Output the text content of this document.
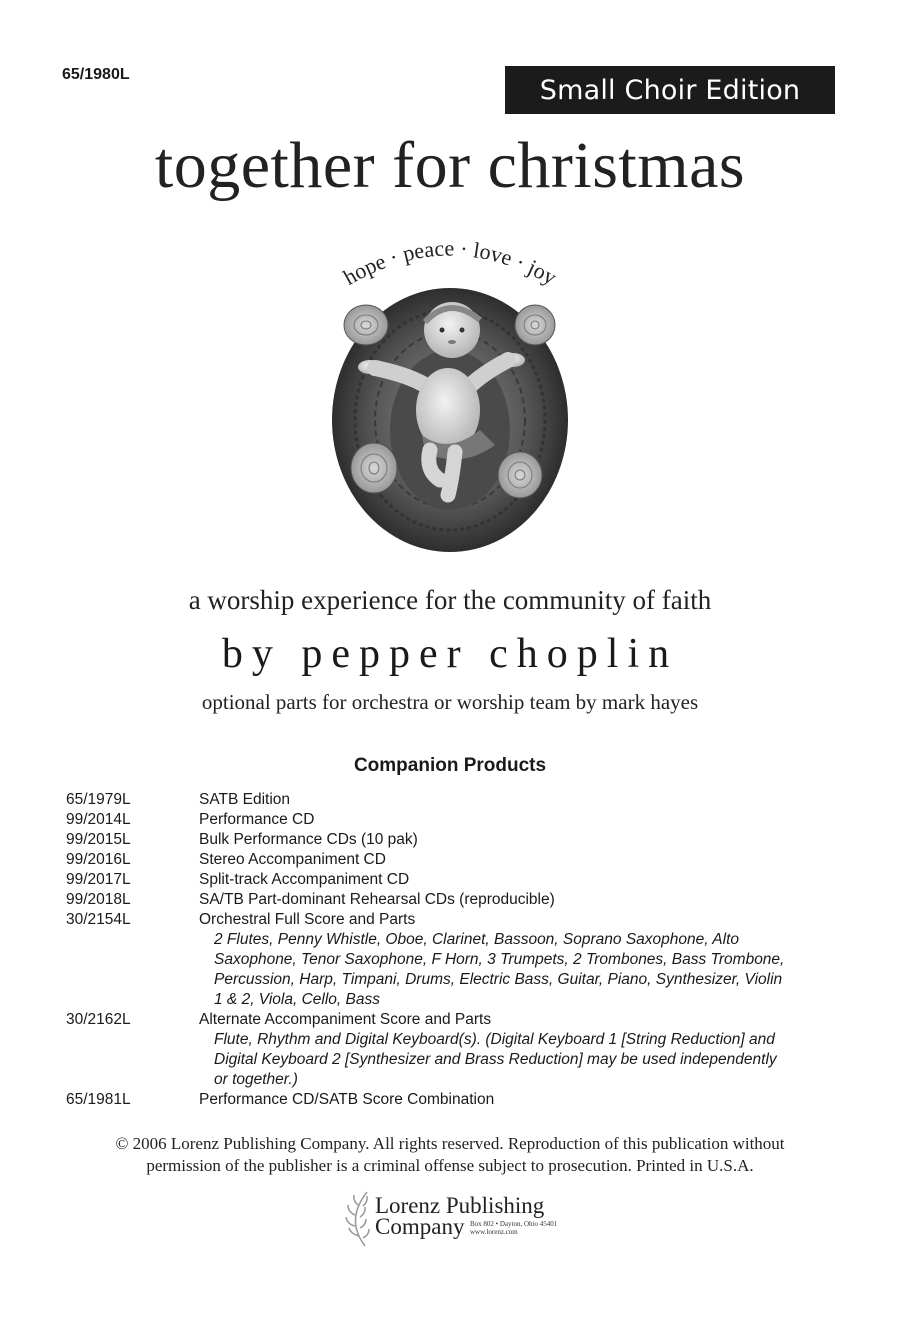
65/1980L	Small Choir Edition
together for christmas
hope · peace · love · joy
a worship experience for the community of faith
by pepper choplin
optional parts for orchestra or worship team by mark hayes
Companion Products
65/1979L	SATB Edition
99/2014L	Performance CD
99/2015L	Bulk Performance CDs (10 pak)
99/2016L	Stereo Accompaniment CD
99/2017L	Split-track Accompaniment CD
99/2018L	SA/TB Part-dominant Rehearsal CDs (reproducible)
30/2154L	Orchestral Full Score and Parts
2 Flutes, Penny Whistle, Oboe, Clarinet, Bassoon, Soprano Saxophone, Alto Saxophone, Tenor Saxophone, F Horn, 3 Trumpets, 2 Trombones, Bass Trombone, Percussion, Harp, Timpani, Drums, Electric Bass, Guitar, Piano, Synthesizer, Violin 1 & 2, Viola, Cello, Bass
30/2162L	Alternate Accompaniment Score and Parts
Flute, Rhythm and Digital Keyboard(s). (Digital Keyboard 1 [String Reduction] and Digital Keyboard 2 [Synthesizer and Brass Reduction] may be used independently or together.)
65/1981L	Performance CD/SATB Score Combination
© 2006 Lorenz Publishing Company. All rights reserved. Reproduction of this publication without
permission of the publisher is a criminal offense subject to prosecution. Printed in U.S.A.
Lorenz Publishing
Company Box 802 • Dayton, Ohio 45401
www.lorenz.com
